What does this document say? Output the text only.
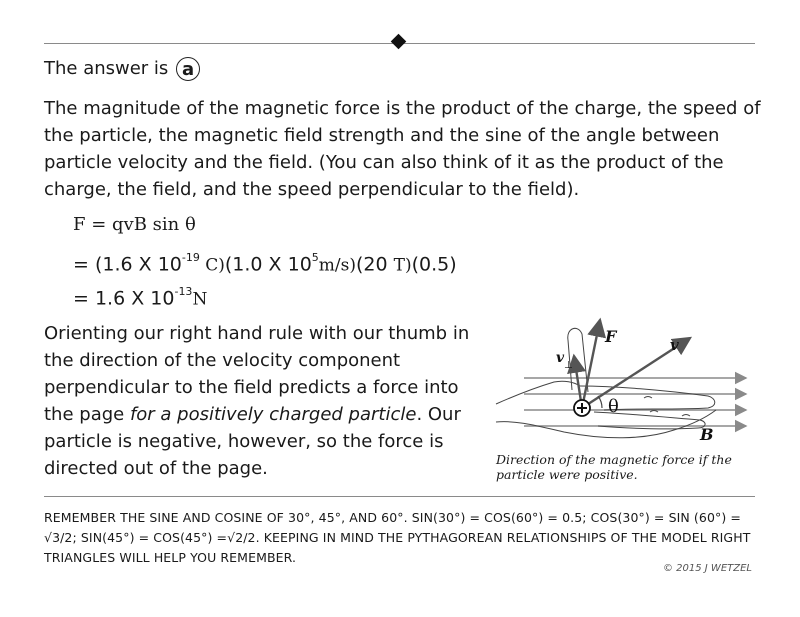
The answer is a

The magnitude of the magnetic force is the product of the charge, the speed of the particle, the magnetic field strength and the sine of the angle between particle velocity and the field. (You can also think of it as the product of the charge, the field, and the speed perpendicular to the field).

F = qvB sin θ
= (1.6 X $10^{-19}$ C)(1.0 X $10^5m/s)(20$ T)(0.5)
= 1.6 X $10^{-13}N$

Orienting our right hand rule with our thumb in the direction of the velocity component perpendicular to the field predicts a force into the page for a positively charged particle. Our particle is negative, however, so the force is directed out of the page.

F	v
v ⊥
B
θ

Direction of the magnetic force if the particle were positive.

REMEMBER THE SINE AND COSINE OF 30°, 45°, AND 60°. SIN(30°) = COS(60°) = 0.5; COS(30°) = SIN (60°) = √3/2; SIN(45°) = COS(45°) =√2/2. KEEPING IN MIND THE PYTHAGOREAN RELATIONSHIPS OF THE MODEL RIGHT TRIANGLES WILL HELP YOU REMEMBER.

© 2015 J WETZEL
